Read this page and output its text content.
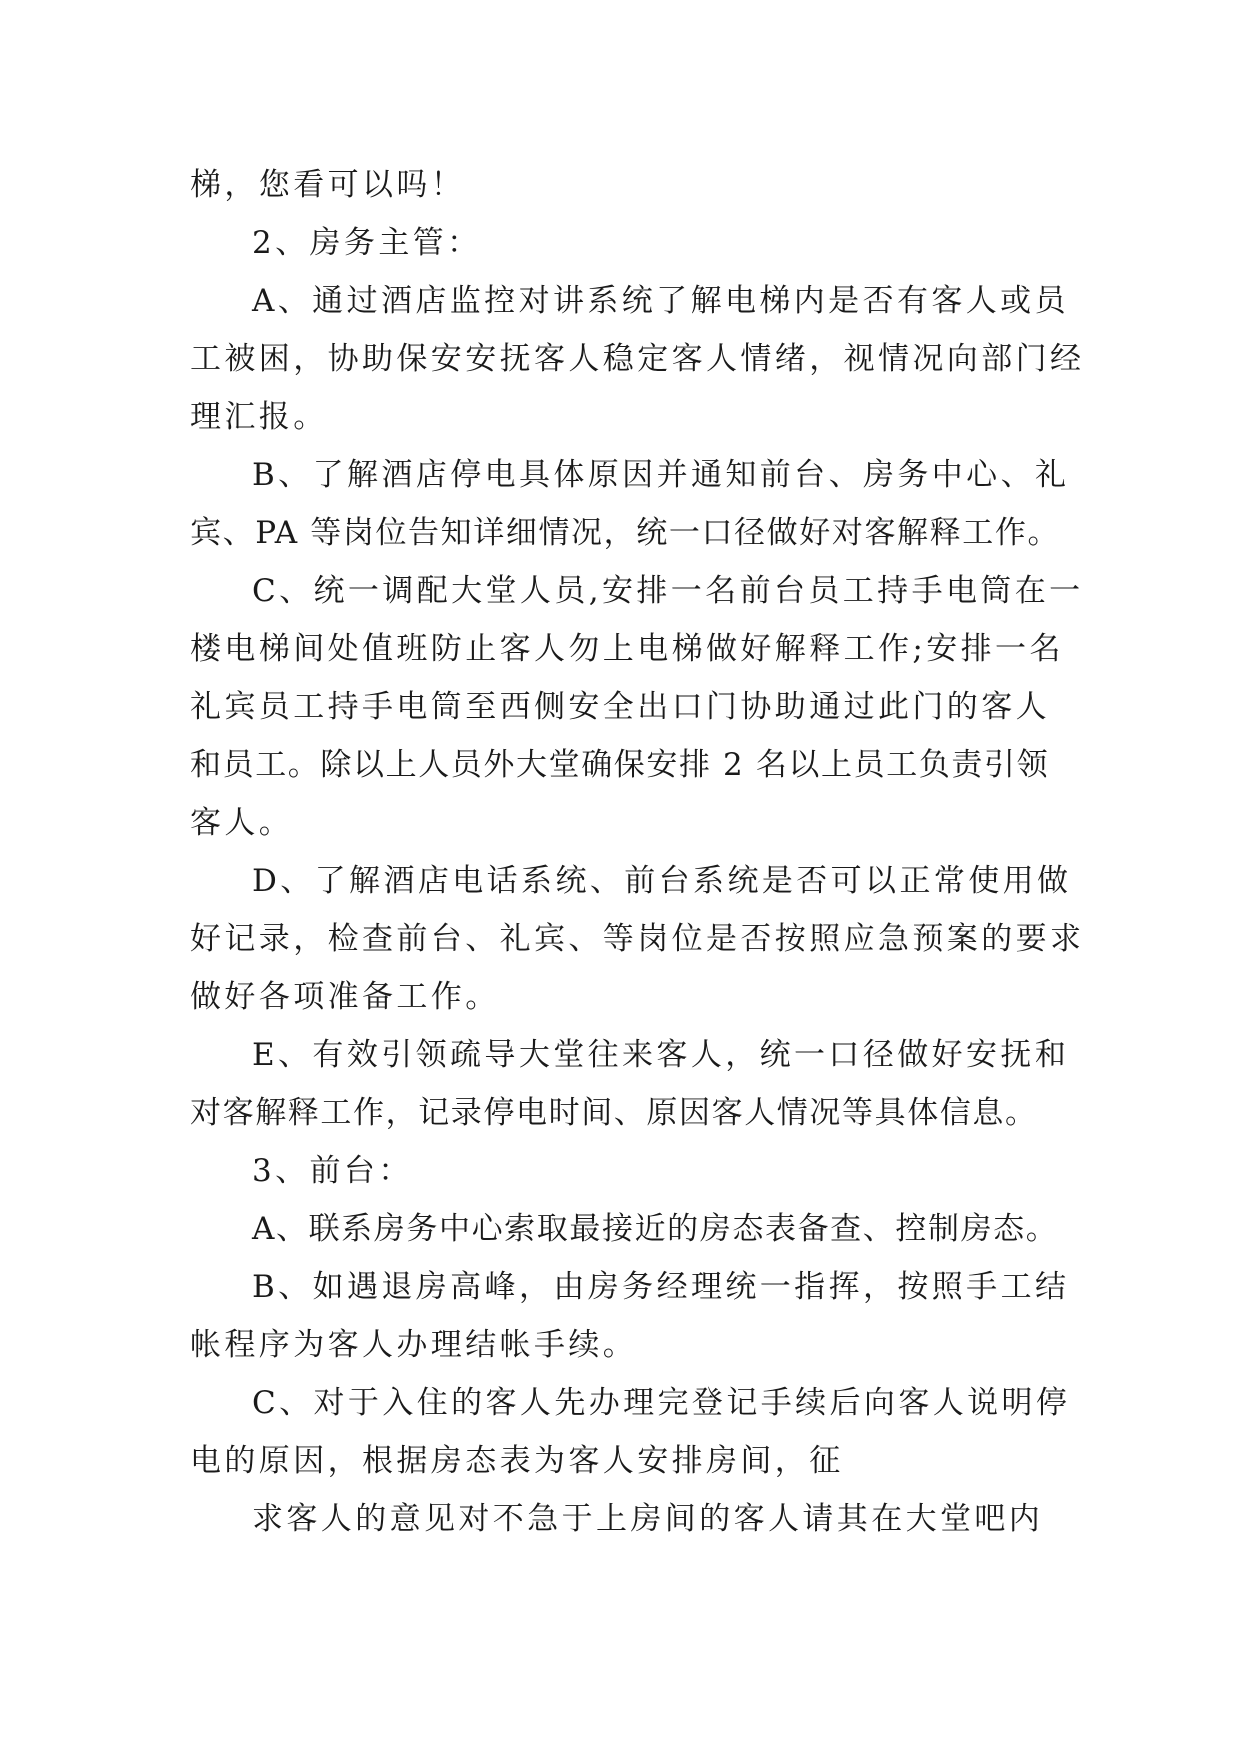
梯，您看可以吗！
2、房务主管：
A、通过酒店监控对讲系统了解电梯内是否有客人或员
工被困，协助保安安抚客人稳定客人情绪，视情况向部门经
理汇报。
B、了解酒店停电具体原因并通知前台、房务中心、礼
宾、PA 等岗位告知详细情况，统一口径做好对客解释工作。
C、统一调配大堂人员,安排一名前台员工持手电筒在一
楼电梯间处值班防止客人勿上电梯做好解释工作;安排一名
礼宾员工持手电筒至西侧安全出口门协助通过此门的客人
和员工。除以上人员外大堂确保安排 2 名以上员工负责引领
客人。
D、了解酒店电话系统、前台系统是否可以正常使用做
好记录，检查前台、礼宾、等岗位是否按照应急预案的要求
做好各项准备工作。
E、有效引领疏导大堂往来客人，统一口径做好安抚和
对客解释工作，记录停电时间、原因客人情况等具体信息。
3、前台：
A、联系房务中心索取最接近的房态表备查、控制房态。
B、如遇退房高峰，由房务经理统一指挥，按照手工结
帐程序为客人办理结帐手续。
C、对于入住的客人先办理完登记手续后向客人说明停
电的原因，根据房态表为客人安排房间，征
求客人的意见对不急于上房间的客人请其在大堂吧内
